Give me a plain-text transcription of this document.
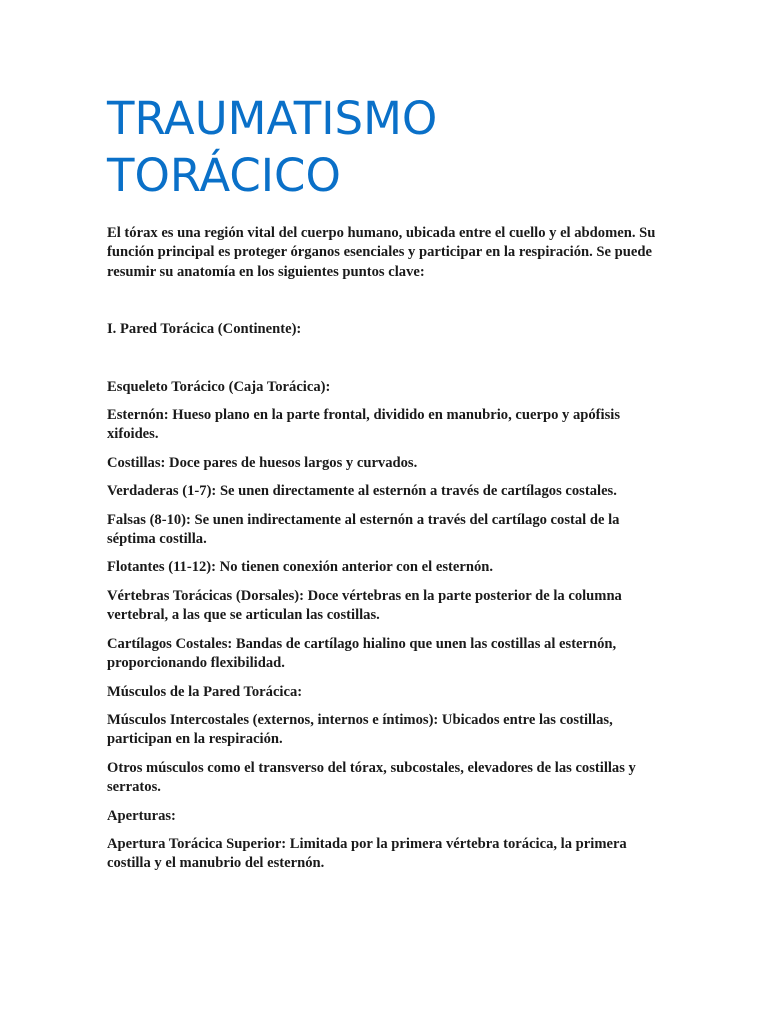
TRAUMATISMO
TORÁCICO

El tórax es una región vital del cuerpo humano, ubicada entre el cuello y el abdomen. Su función principal es proteger órganos esenciales y participar en la respiración. Se puede resumir su anatomía en los siguientes puntos clave:

I. Pared Torácica (Continente):

Esqueleto Torácico (Caja Torácica):

Esternón: Hueso plano en la parte frontal, dividido en manubrio, cuerpo y apófisis xifoides.

Costillas: Doce pares de huesos largos y curvados.

Verdaderas (1-7): Se unen directamente al esternón a través de cartílagos costales.

Falsas (8-10): Se unen indirectamente al esternón a través del cartílago costal de la séptima costilla.

Flotantes (11-12): No tienen conexión anterior con el esternón.

Vértebras Torácicas (Dorsales): Doce vértebras en la parte posterior de la columna vertebral, a las que se articulan las costillas.

Cartílagos Costales: Bandas de cartílago hialino que unen las costillas al esternón, proporcionando flexibilidad.

Músculos de la Pared Torácica:

Músculos Intercostales (externos, internos e íntimos): Ubicados entre las costillas, participan en la respiración.

Otros músculos como el transverso del tórax, subcostales, elevadores de las costillas y serratos.

Aperturas:

Apertura Torácica Superior: Limitada por la primera vértebra torácica, la primera costilla y el manubrio del esternón.
